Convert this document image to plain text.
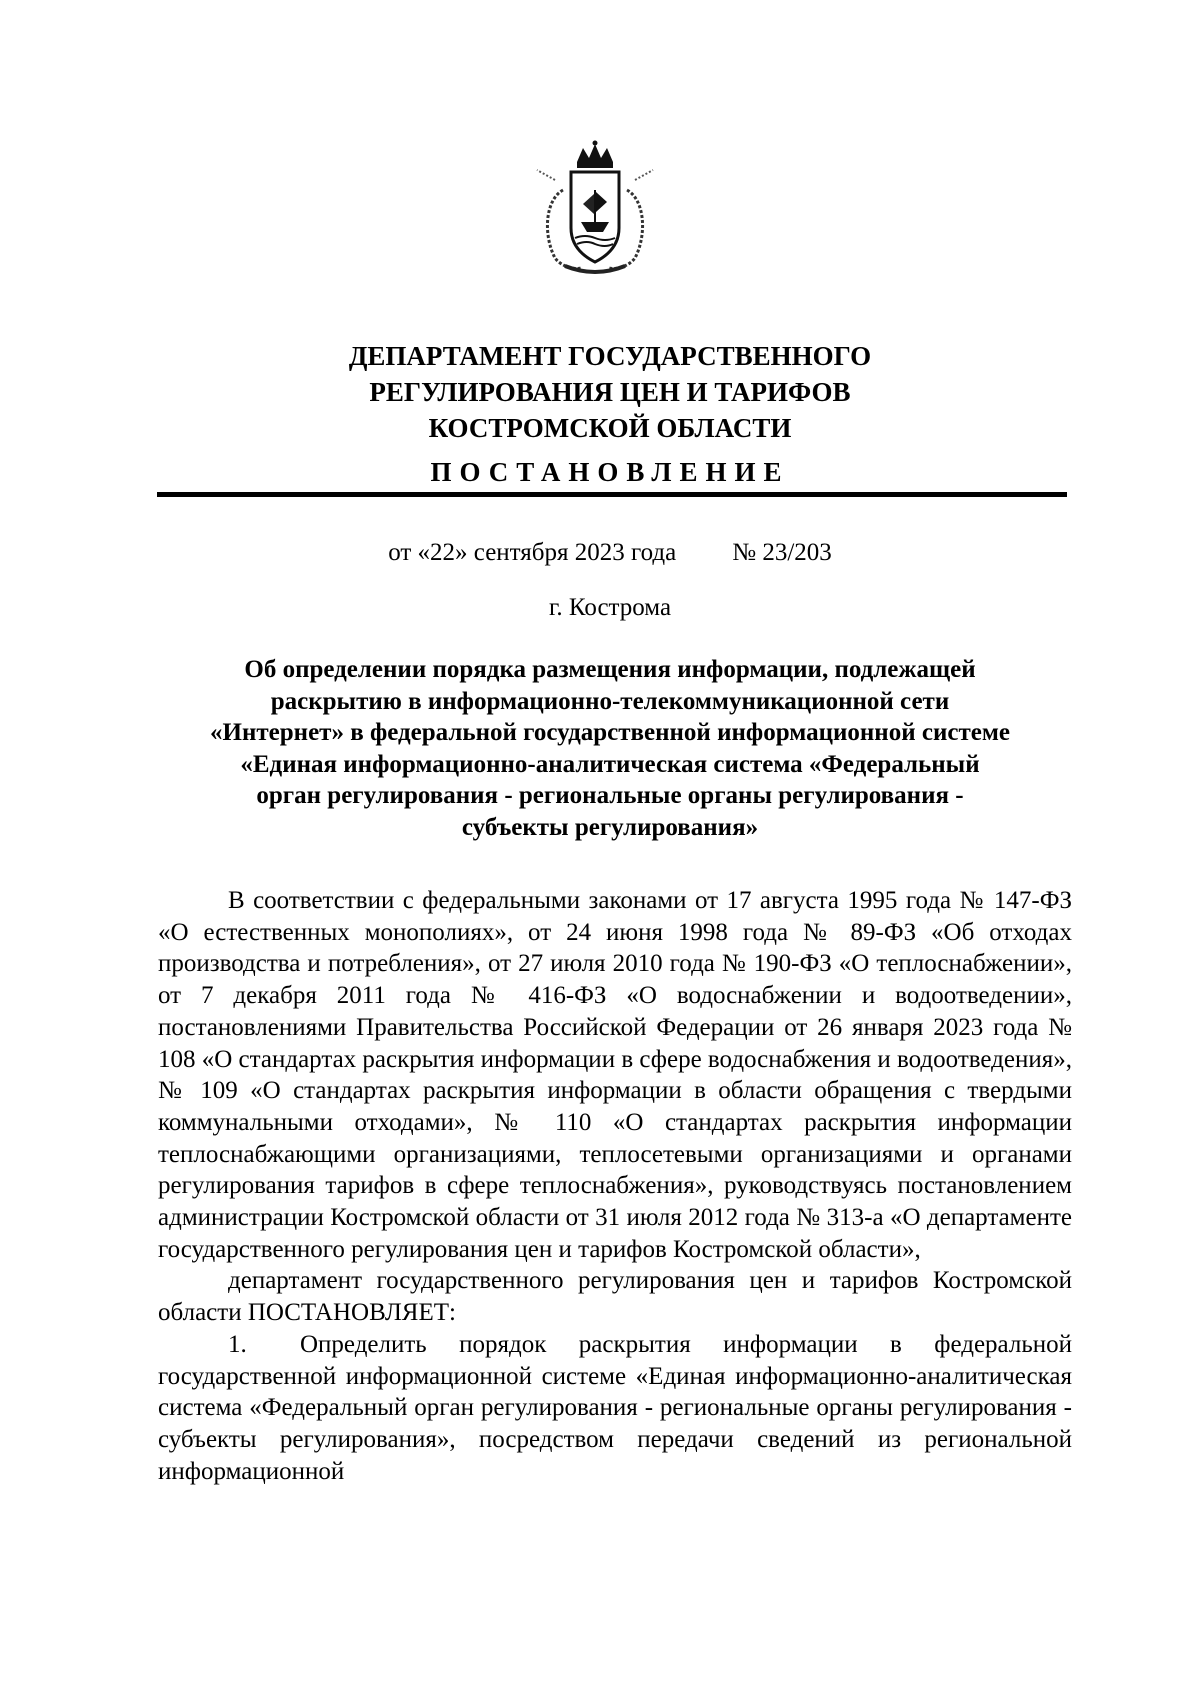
ДЕПАРТАМЕНТ ГОСУДАРСТВЕННОГО
РЕГУЛИРОВАНИЯ ЦЕН И ТАРИФОВ
КОСТРОМСКОЙ ОБЛАСТИ
ПОСТАНОВЛЕНИЕ
от «22» сентября 2023 года № 23/203
г. Кострома
Об определении порядка размещения информации, подлежащей
раскрытию в информационно-телекоммуникационной сети
«Интернет» в федеральной государственной информационной системе
«Единая информационно-аналитическая система «Федеральный
орган регулирования - региональные органы регулирования -
субъекты регулирования»

В соответствии с федеральными законами от 17 августа 1995 года № 147-ФЗ «О естественных монополиях», от 24 июня 1998 года № 89-ФЗ «Об отходах производства и потребления», от 27 июля 2010 года № 190-ФЗ «О теплоснабжении», от 7 декабря 2011 года № 416-ФЗ «О водоснабжении и водоотведении», постановлениями Правительства Российской Федерации от 26 января 2023 года № 108 «О стандартах раскрытия информации в сфере водоснабжения и водоотведения», № 109 «О стандартах раскрытия информации в области обращения с твердыми коммунальными отходами», № 110 «О стандартах раскрытия информации теплоснабжающими организациями, теплосетевыми организациями и органами регулирования тарифов в сфере теплоснабжения», руководствуясь постановлением администрации Костромской области от 31 июля 2012 года № 313-а «О департаменте государственного регулирования цен и тарифов Костромской области»,

департамент государственного регулирования цен и тарифов Костромской области ПОСТАНОВЛЯЕТ:

1. Определить порядок раскрытия информации в федеральной государственной информационной системе «Единая информационно-аналитическая система «Федеральный орган регулирования - региональные органы регулирования - субъекты регулирования», посредством передачи сведений из региональной информационной
